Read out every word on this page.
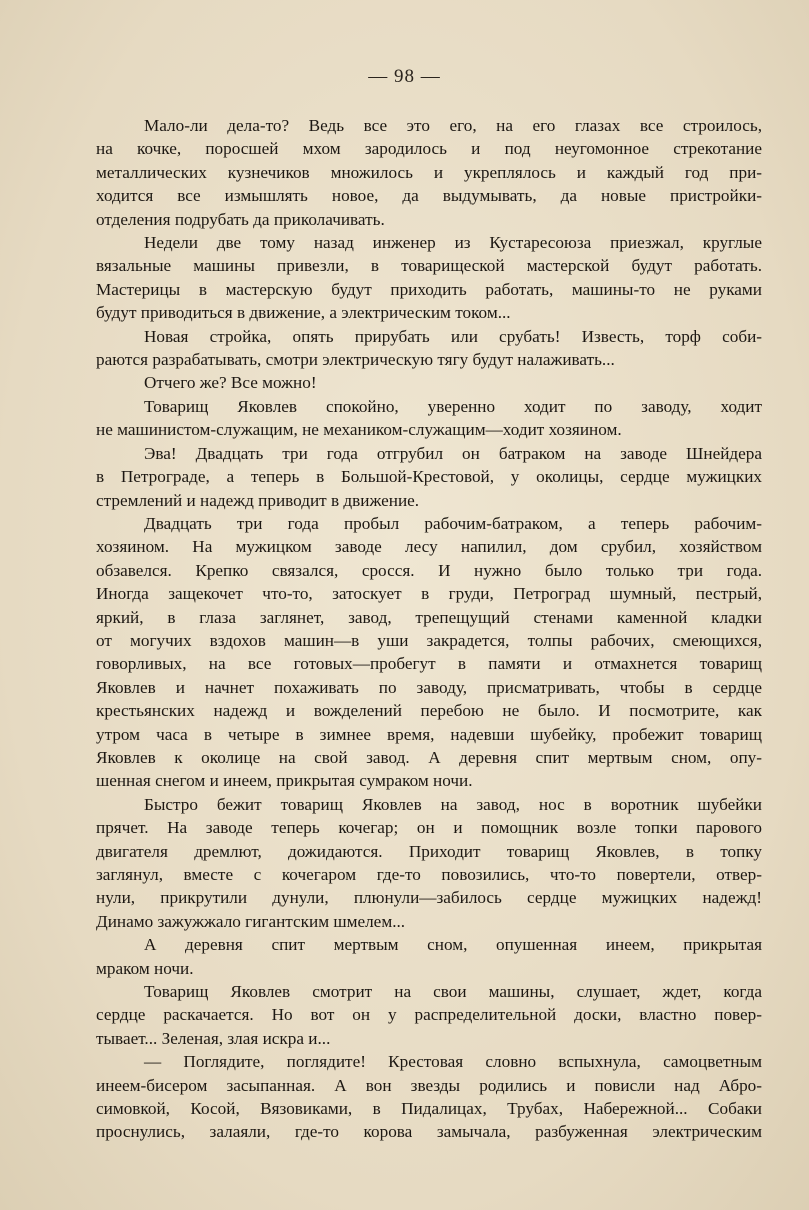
— 98 —
Мало-ли дела-то? Ведь все это его, на его глазах все строилось,
на кочке, поросшей мхом зародилось и под неугомонное стрекотание
металлических кузнечиков множилось и укреплялось и каждый год при-
ходится все измышлять новое, да выдумывать, да новые пристройки-
отделения подрубать да приколачивать.
Недели две тому назад инженер из Кустаресоюза приезжал, круглые
вязальные машины привезли, в товарищеской мастерской будут работать.
Мастерицы в мастерскую будут приходить работать, машины-то не руками
будут приводиться в движение, а электрическим током...
Новая стройка, опять прирубать или срубать! Известь, торф соби-
раются разрабатывать, смотри электрическую тягу будут налаживать...
Отчего же? Все можно!
Товарищ Яковлев спокойно, уверенно ходит по заводу, ходит
не машинистом-служащим, не механиком-служащим—ходит хозяином.
Эва! Двадцать три года отгрубил он батраком на заводе Шнейдера
в Петрограде, а теперь в Большой-Крестовой, у околицы, сердце мужицких
стремлений и надежд приводит в движение.
Двадцать три года пробыл рабочим-батраком, а теперь рабочим-
хозяином. На мужицком заводе лесу напилил, дом срубил, хозяйством
обзавелся. Крепко связался, сросся. И нужно было только три года.
Иногда защекочет что-то, затоскует в груди, Петроград шумный, пестрый,
яркий, в глаза заглянет, завод, трепещущий стенами каменной кладки
от могучих вздохов машин—в уши закрадется, толпы рабочих, смеющихся,
говорливых, на все готовых—пробегут в памяти и отмахнется товарищ
Яковлев и начнет похаживать по заводу, присматривать, чтобы в сердце
крестьянских надежд и вожделений перебою не было. И посмотрите, как
утром часа в четыре в зимнее время, надевши шубейку, пробежит товарищ
Яковлев к околице на свой завод. А деревня спит мертвым сном, опу-
шенная снегом и инеем, прикрытая сумраком ночи.
Быстро бежит товарищ Яковлев на завод, нос в воротник шубейки
прячет. На заводе теперь кочегар; он и помощник возле топки парового
двигателя дремлют, дожидаются. Приходит товарищ Яковлев, в топку
заглянул, вместе с кочегаром где-то повозились, что-то повертели, отвер-
нули, прикрутили дунули, плюнули—забилось сердце мужицких надежд!
Динамо зажужжало гигантским шмелем...
А деревня спит мертвым сном, опушенная инеем, прикрытая
мраком ночи.
Товарищ Яковлев смотрит на свои машины, слушает, ждет, когда
сердце раскачается. Но вот он у распределительной доски, властно повер-
тывает... Зеленая, злая искра и...
— Поглядите, поглядите! Крестовая словно вспыхнула, самоцветным
инеем-бисером засыпанная. А вон звезды родились и повисли над Абро-
симовкой, Косой, Вязовиками, в Пидалицах, Трубах, Набережной... Собаки
проснулись, залаяли, где-то корова замычала, разбуженная электрическим
